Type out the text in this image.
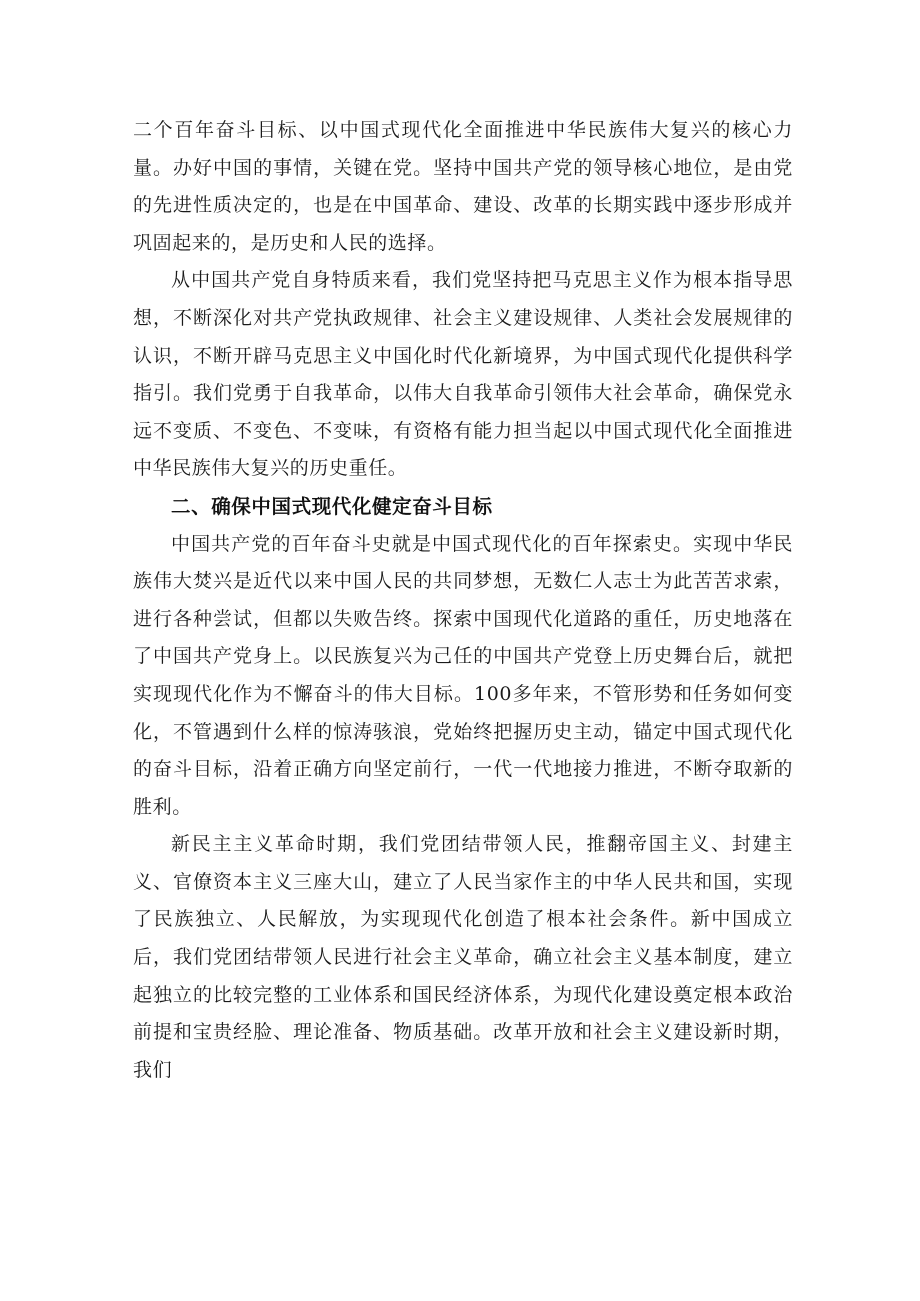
二个百年奋斗目标、以中国式现代化全面推进中华民族伟大复兴的核心力量。办好中国的事情，关键在党。坚持中国共产党的领导核心地位，是由党的先进性质决定的，也是在中国革命、建设、改革的长期实践中逐步形成并巩固起来的，是历史和人民的选择。

从中国共产党自身特质来看，我们党坚持把马克思主义作为根本指导思想，不断深化对共产党执政规律、社会主义建设规律、人类社会发展规律的认识，不断开辟马克思主义中国化时代化新境界，为中国式现代化提供科学指引。我们党勇于自我革命，以伟大自我革命引领伟大社会革命，确保党永远不变质、不变色、不变味，有资格有能力担当起以中国式现代化全面推进中华民族伟大复兴的历史重任。

二、确保中国式现代化健定奋斗目标

中国共产党的百年奋斗史就是中国式现代化的百年探索史。实现中华民族伟大焚兴是近代以来中国人民的共同梦想，无数仁人志士为此苦苦求索，进行各种尝试，但都以失败告终。探索中国现代化道路的重任，历史地落在了中国共产党身上。以民族复兴为己任的中国共产党登上历史舞台后，就把实现现代化作为不懈奋斗的伟大目标。100多年来，不管形势和任务如何变化，不管遇到什么样的惊涛骇浪，党始终把握历史主动，锚定中国式现代化的奋斗目标，沿着正确方向坚定前行，一代一代地接力推进，不断夺取新的胜利。

新民主主义革命时期，我们党团结带领人民，推翻帝国主义、封建主义、官僚资本主义三座大山，建立了人民当家作主的中华人民共和国，实现了民族独立、人民解放，为实现现代化创造了根本社会条件。新中国成立后，我们党团结带领人民进行社会主义革命，确立社会主义基本制度，建立起独立的比较完整的工业体系和国民经济体系，为现代化建设奠定根本政治前提和宝贵经脸、理论准备、物质基础。改革开放和社会主义建设新时期，我们
